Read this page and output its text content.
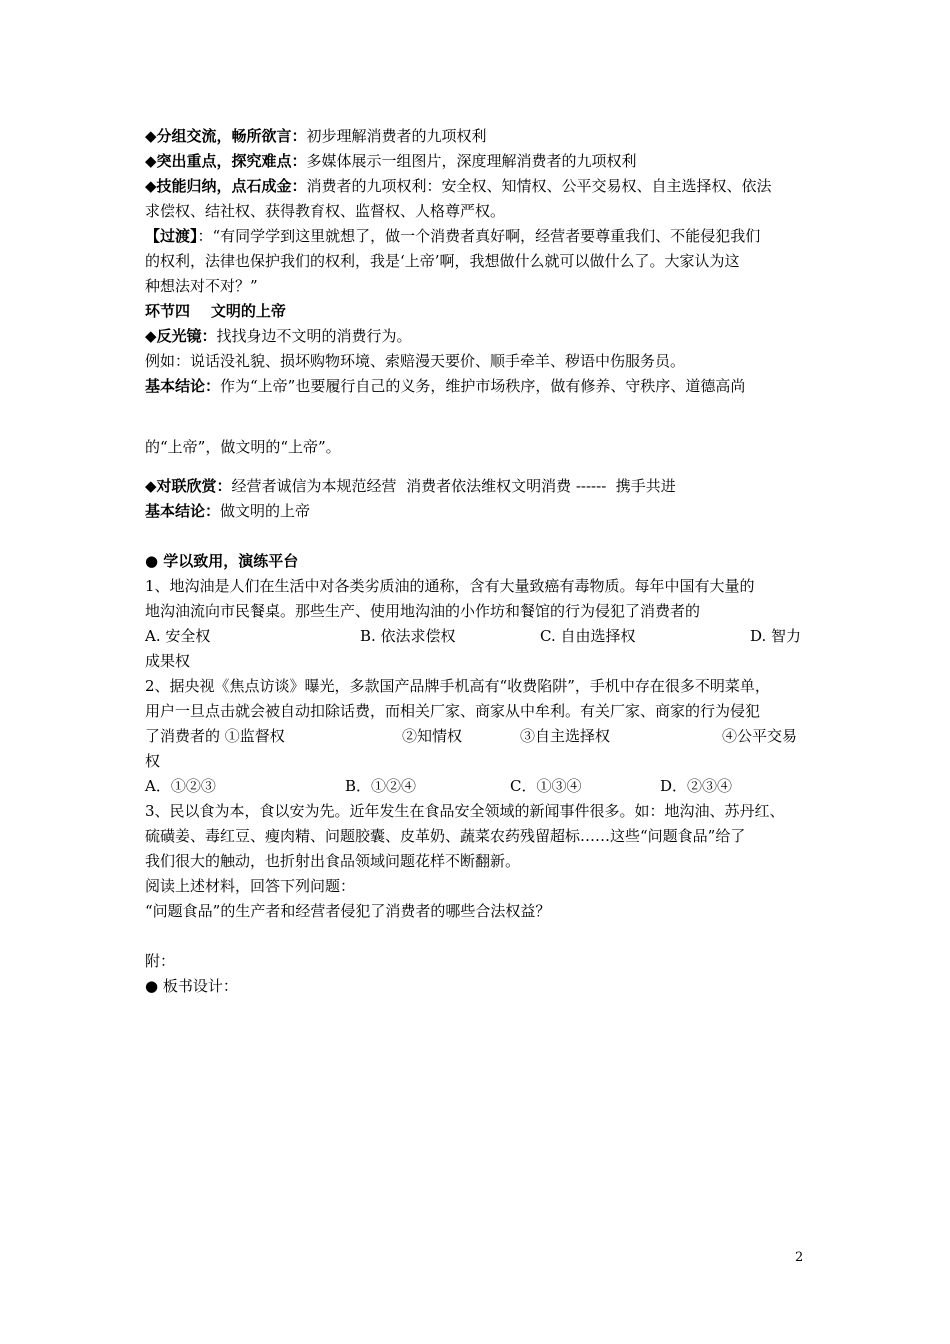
◆分组交流，畅所欲言：初步理解消费者的九项权利
◆突出重点，探究难点：多媒体展示一组图片，深度理解消费者的九项权利
◆技能归纳，点石成金：消费者的九项权利：安全权、知情权、公平交易权、自主选择权、依法
求偿权、结社权、获得教育权、监督权、人格尊严权。
【过渡】：“有同学学到这里就想了，做一个消费者真好啊，经营者要尊重我们、不能侵犯我们
的权利，法律也保护我们的权利，我是‘上帝’啊，我想做什么就可以做什么了。大家认为这
种想法对不对？”
环节四    文明的上帝
◆反光镜：找找身边不文明的消费行为。
例如：说话没礼貌、损坏购物环境、索赔漫天要价、顺手牵羊、秽语中伤服务员。
基本结论：作为“上帝”也要履行自己的义务，维护市场秩序，做有修养、守秩序、道德高尚
的“上帝”，做文明的“上帝”。
◆对联欣赏：经营者诚信为本规范经营  消费者依法维权文明消费 ------  携手共进
基本结论：做文明的上帝
● 学以致用，演练平台
1、地沟油是人们在生活中对各类劣质油的通称，含有大量致癌有毒物质。每年中国有大量的
地沟油流向市民餐桌。那些生产、使用地沟油的小作坊和餐馆的行为侵犯了消费者的
A. 安全权	B. 依法求偿权	C. 自由选择权	D. 智力
成果权
2、据央视《焦点访谈》曝光，多款国产品牌手机高有“收费陷阱”，手机中存在很多不明菜单，
用户一旦点击就会被自动扣除话费，而相关厂家、商家从中牟利。有关厂家、商家的行为侵犯
了消费者的 ①监督权	②知情权	③自主选择权	④公平交易
权
A．①②③	B．①②④	C．①③④	D．②③④
3、民以食为本，食以安为先。近年发生在食品安全领域的新闻事件很多。如：地沟油、苏丹红、
硫磺姜、毒红豆、瘦肉精、问题胶囊、皮革奶、蔬菜农药残留超标……这些“问题食品”给了
我们很大的触动，也折射出食品领域问题花样不断翻新。
阅读上述材料，回答下列问题：
“问题食品”的生产者和经营者侵犯了消费者的哪些合法权益？
附：
● 板书设计：
2
